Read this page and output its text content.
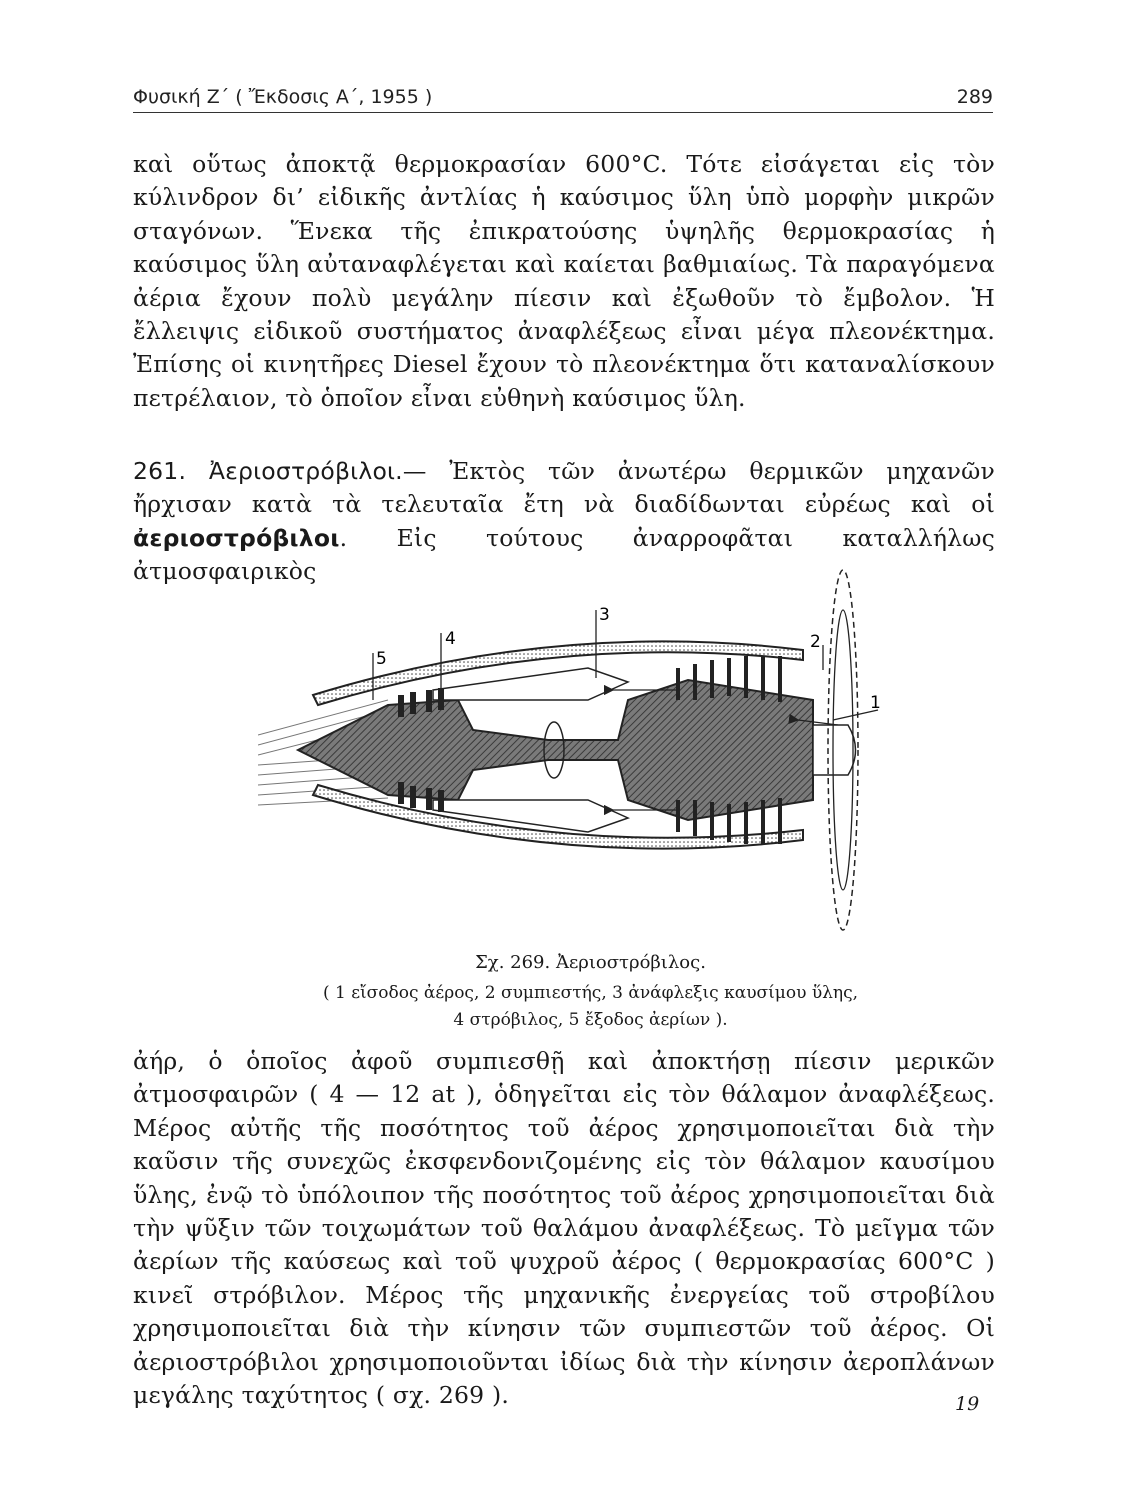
Φυσική Ζ΄ ( Ἔκδοσις Α΄, 1955 )	289
καὶ οὕτως ἀποκτᾷ θερμοκρασίαν 600°C. Τότε εἰσάγεται εἰς τὸν κύλινδρον δι’ εἰδικῆς ἀντλίας ἡ καύσιμος ὕλη ὑπὸ μορφὴν μικρῶν σταγόνων. Ἕνεκα τῆς ἐπικρατούσης ὑψηλῆς θερμοκρασίας ἡ καύσιμος ὕλη αὐταναφλέγεται καὶ καίεται βαθμιαίως. Τὰ παραγόμενα ἀέρια ἔχουν πολὺ μεγάλην πίεσιν καὶ ἐξωθοῦν τὸ ἔμβολον. Ἡ ἔλλειψις εἰδικοῦ συστήματος ἀναφλέξεως εἶναι μέγα πλεονέκτημα. Ἐπίσης οἱ κινητῆρες Diesel ἔχουν τὸ πλεονέκτημα ὅτι καταναλίσκουν πετρέλαιον, τὸ ὁποῖον εἶναι εὐθηνὴ καύσιμος ὕλη.
261. Ἀεριοστρόβιλοι.— Ἐκτὸς τῶν ἀνωτέρω θερμικῶν μηχανῶν ἤρχισαν κατὰ τὰ τελευταῖα ἔτη νὰ διαδίδωνται εὐρέως καὶ οἱ ἀεριοστρόβιλοι. Εἰς τούτους ἀναρροφᾶται καταλλήλως ἀτμοσφαιρικὸς
1
2
3
4
5
Σχ. 269. Ἀεριοστρόβιλος.
( 1 εἴσοδος ἀέρος, 2 συμπιεστής, 3 ἀνάφλεξις καυσίμου ὕλης,
4 στρόβιλος, 5 ἔξοδος ἀερίων ).
ἀήρ, ὁ ὁποῖος ἀφοῦ συμπιεσθῇ καὶ ἀποκτήσῃ πίεσιν μερικῶν ἀτμοσφαιρῶν ( 4 — 12 at ), ὁδηγεῖται εἰς τὸν θάλαμον ἀναφλέξεως. Μέρος αὐτῆς τῆς ποσότητος τοῦ ἀέρος χρησιμοποιεῖται διὰ τὴν καῦσιν τῆς συνεχῶς ἐκσφενδονιζομένης εἰς τὸν θάλαμον καυσίμου ὕλης, ἐνῷ τὸ ὑπόλοιπον τῆς ποσότητος τοῦ ἀέρος χρησιμοποιεῖται διὰ τὴν ψῦξιν τῶν τοιχωμάτων τοῦ θαλάμου ἀναφλέξεως. Τὸ μεῖγμα τῶν ἀερίων τῆς καύσεως καὶ τοῦ ψυχροῦ ἀέρος ( θερμοκρασίας 600°C ) κινεῖ στρόβιλον. Μέρος τῆς μηχανικῆς ἐνεργείας τοῦ στροβίλου χρησιμοποιεῖται διὰ τὴν κίνησιν τῶν συμπιεστῶν τοῦ ἀέρος. Οἱ ἀεριοστρόβιλοι χρησιμοποιοῦνται ἰδίως διὰ τὴν κίνησιν ἀεροπλάνων μεγάλης ταχύτητος ( σχ. 269 ).	19
